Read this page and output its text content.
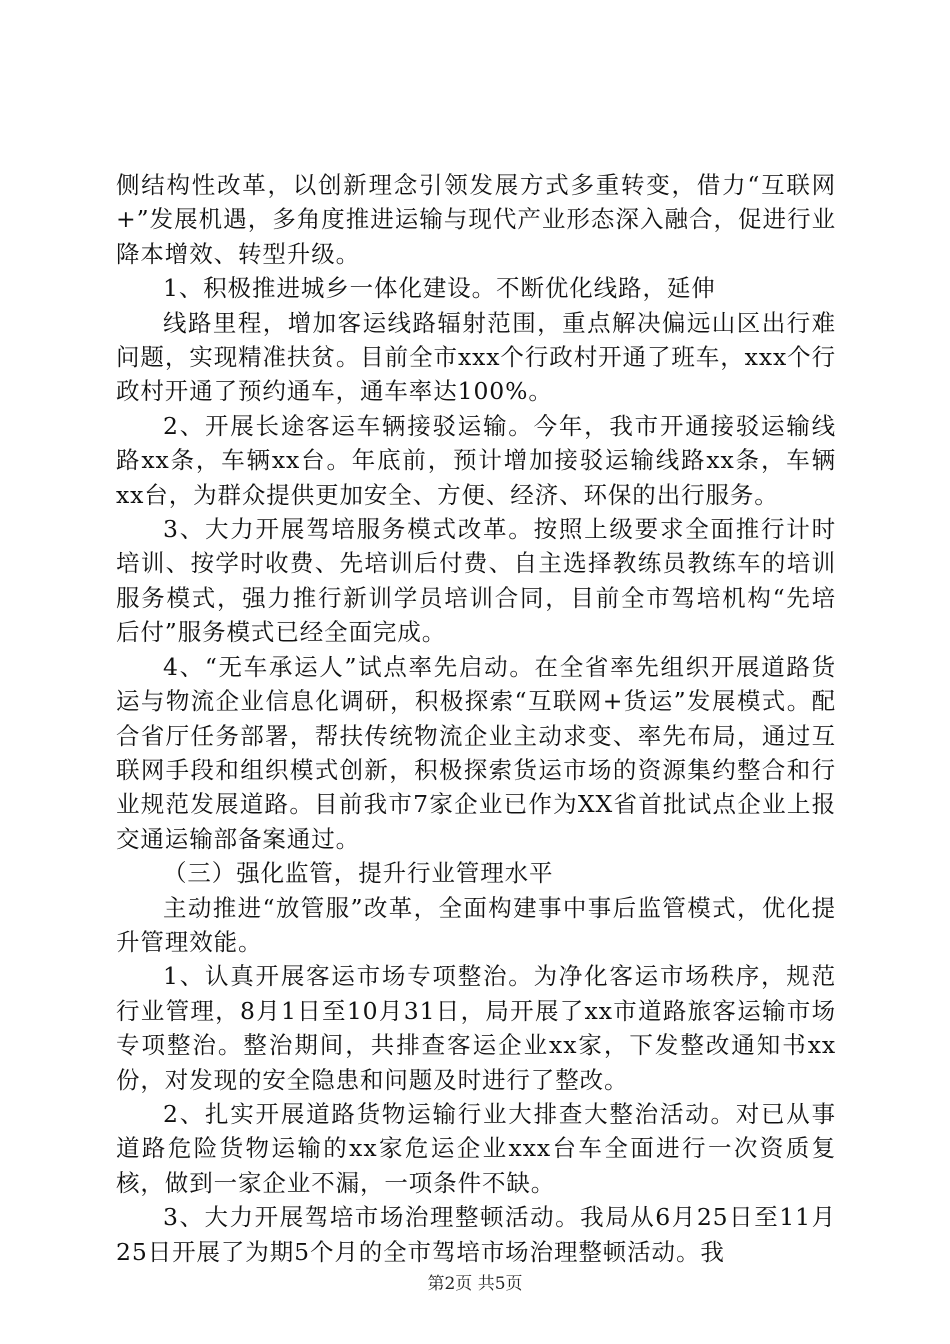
侧结构性改革，以创新理念引领发展方式多重转变，借力“互联网+”发展机遇，多角度推进运输与现代产业形态深入融合，促进行业降本增效、转型升级。

1、积极推进城乡一体化建设。不断优化线路，延伸

线路里程，增加客运线路辐射范围，重点解决偏远山区出行难问题，实现精准扶贫。目前全市xxx个行政村开通了班车，xxx个行政村开通了预约通车，通车率达100%。

2、开展长途客运车辆接驳运输。今年，我市开通接驳运输线路xx条，车辆xx台。年底前，预计增加接驳运输线路xx条，车辆xx台，为群众提供更加安全、方便、经济、环保的出行服务。

3、大力开展驾培服务模式改革。按照上级要求全面推行计时培训、按学时收费、先培训后付费、自主选择教练员教练车的培训服务模式，强力推行新训学员培训合同，目前全市驾培机构“先培后付”服务模式已经全面完成。

4、“无车承运人”试点率先启动。在全省率先组织开展道路货运与物流企业信息化调研，积极探索“互联网+货运”发展模式。配合省厅任务部署，帮扶传统物流企业主动求变、率先布局，通过互联网手段和组织模式创新，积极探索货运市场的资源集约整合和行业规范发展道路。目前我市7家企业已作为XX省首批试点企业上报交通运输部备案通过。

（三）强化监管，提升行业管理水平

主动推进“放管服”改革，全面构建事中事后监管模式，优化提升管理效能。

1、认真开展客运市场专项整治。为净化客运市场秩序，规范行业管理，8月1日至10月31日，局开展了xx市道路旅客运输市场专项整治。整治期间，共排查客运企业xx家，下发整改通知书xx份，对发现的安全隐患和问题及时进行了整改。

2、扎实开展道路货物运输行业大排查大整治活动。对已从事道路危险货物运输的xx家危运企业xxx台车全面进行一次资质复核，做到一家企业不漏，一项条件不缺。

3、大力开展驾培市场治理整顿活动。我局从6月25日至11月25日开展了为期5个月的全市驾培市场治理整顿活动。我

第2页 共5页
